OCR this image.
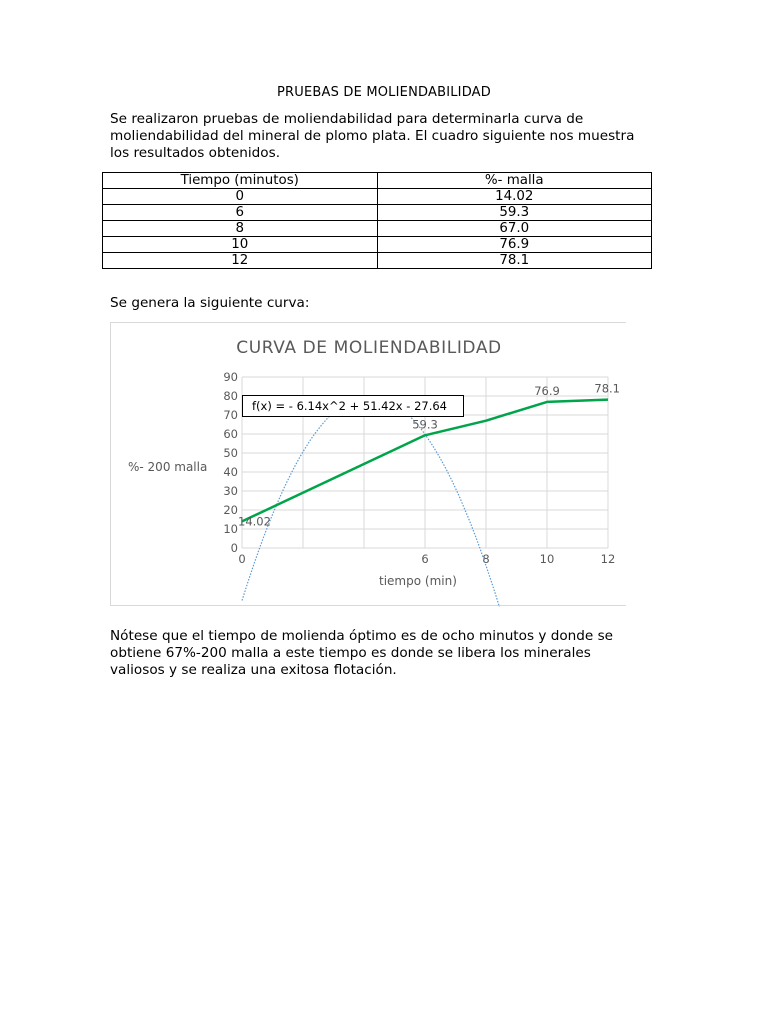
PRUEBAS DE MOLIENDABILIDAD

Se realizaron pruebas de moliendabilidad para determinarla curva de
moliendabilidad del mineral de plomo plata. El cuadro siguiente nos muestra
los resultados obtenidos.

Tiempo (minutos)	%- malla
0	14.02
6	59.3
8	67.0
10	76.9
12	78.1

Se genera la siguiente curva:

0
10
20
30
40
50
60
70
80
90
0	6	8	10	12
14.02
59.3
76.9	78.1
CURVA DE MOLIENDABILIDAD
%- 200 malla
tiempo (min)
f(x) = - 6.14x^2 + 51.42x - 27.64

Nótese que el tiempo de molienda óptimo es de ocho minutos y donde se
obtiene 67%-200 malla a este tiempo es donde se libera los minerales
valiosos y se realiza una exitosa flotación.
